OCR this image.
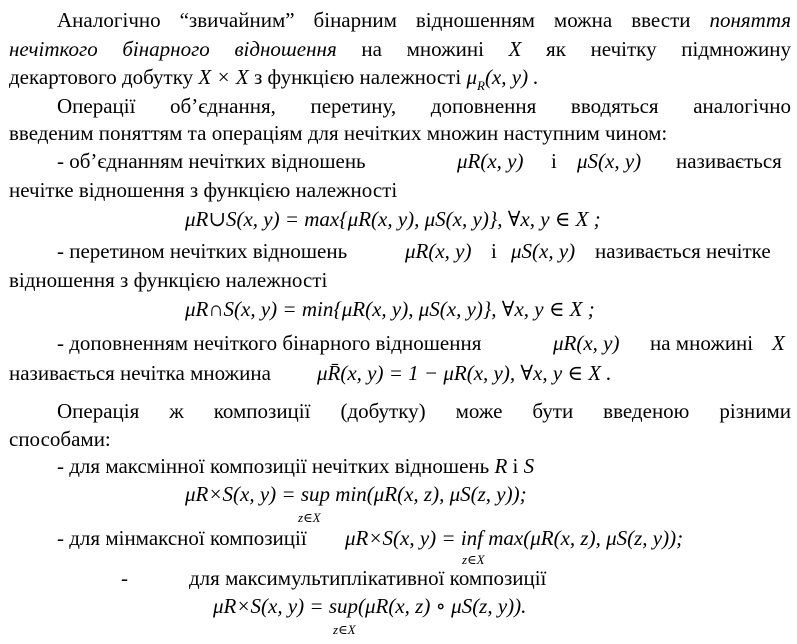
Аналогічно “звичайним” бінарним відношенням можна ввести поняття
нечіткого бінарного відношення на множині X як нечітку підмножину
декартового добутку X × X з функцією належності $\mu_R(x$, y) .
Операції об’єднання, перетину, доповнення вводяться аналогічно
введеним поняттям та операціям для нечітких множин наступним чином:
- об’єднанням нечітких відношень	μR(x, y) і μS(x, y) називається
нечітке відношення з функцією належності
μR∪S(x, y) = max{μR(x, y), μS(x, y)}, ∀x, y ∈ X ;
- перетином нечітких відношень	μR(x, y) і μS(x, y) називається нечітке
відношення з функцією належності
μR∩S(x, y) = min{μR(x, y), μS(x, y)}, ∀x, y ∈ X ;
- доповненням нечіткого бінарного відношення	μR(x, y) на множині X
називається нечітка множина μR̄(x, y) = 1 − μR(x, y), ∀x, y ∈ X .
Операція ж композиції (добутку) може бути введеною різними
способами:
- для максмінної композиції нечітких відношень R і S
μR×S(x, y) = sup min(μR(x, z), μS(z, y));
z∈X
- для мінмаксної композиції μR×S(x, y) = inf max(μR(x, z), μS(z, y));
z∈X
-	для максимультиплікативної композиції
μR×S(x, y) = sup(μR(x, z) ∘ μS(z, y)).
z∈X
